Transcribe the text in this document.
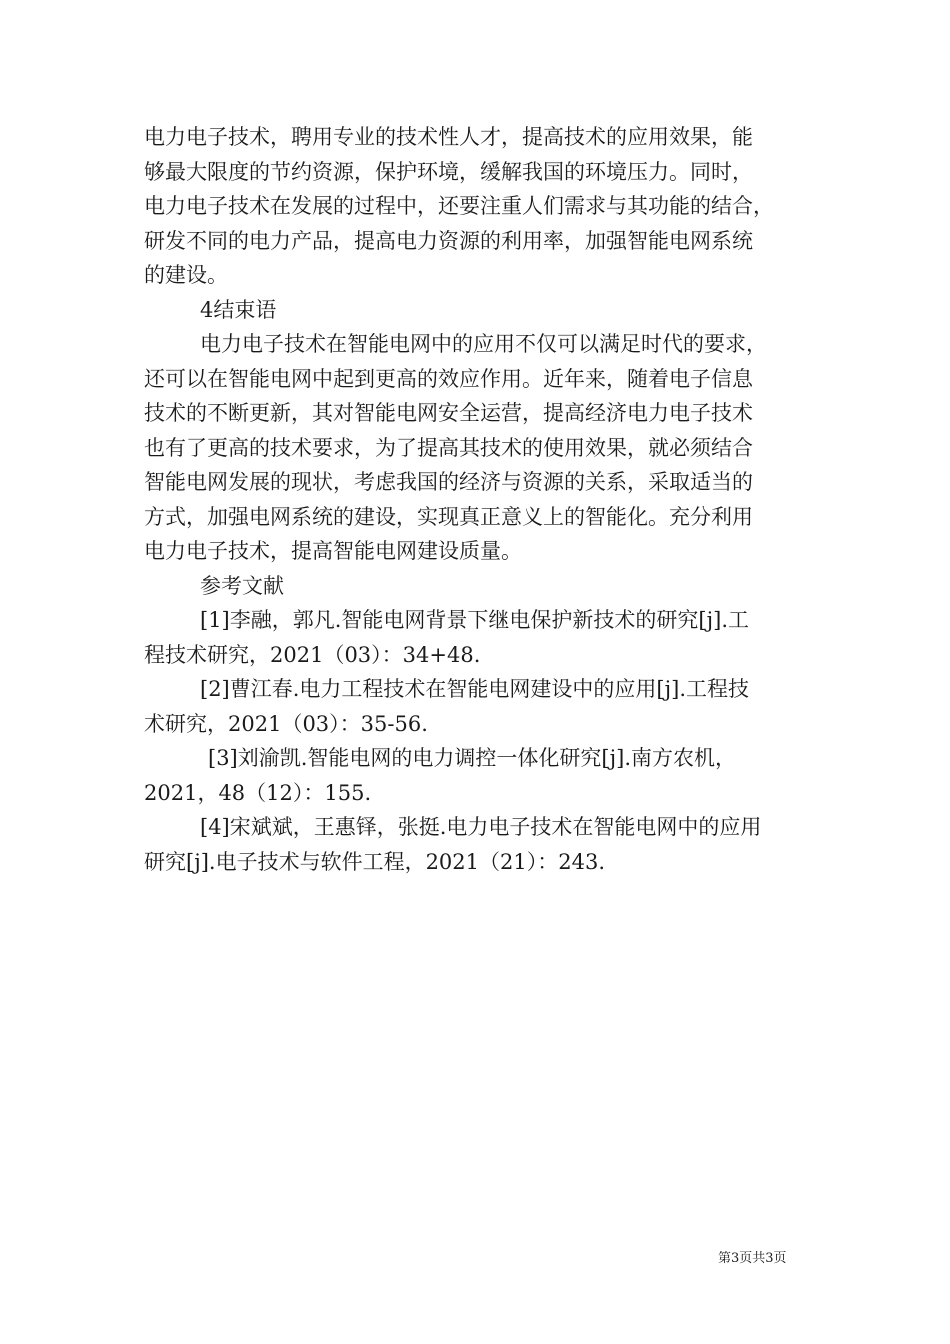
电力电子技术，聘用专业的技术性人才，提高技术的应用效果，能
够最大限度的节约资源，保护环境，缓解我国的环境压力。同时，
电力电子技术在发展的过程中，还要注重人们需求与其功能的结合，
研发不同的电力产品，提高电力资源的利用率，加强智能电网系统
的建设。
4结束语
电力电子技术在智能电网中的应用不仅可以满足时代的要求，
还可以在智能电网中起到更高的效应作用。近年来，随着电子信息
技术的不断更新，其对智能电网安全运营，提高经济电力电子技术
也有了更高的技术要求，为了提高其技术的使用效果，就必须结合
智能电网发展的现状，考虑我国的经济与资源的关系，采取适当的
方式，加强电网系统的建设，实现真正意义上的智能化。充分利用
电力电子技术，提高智能电网建设质量。
参考文献
[1]李融，郭凡.智能电网背景下继电保护新技术的研究[j].工
程技术研究，2021（03）：34+48.
[2]曹江春.电力工程技术在智能电网建设中的应用[j].工程技
术研究，2021（03）：35-56.
[3]刘渝凯.智能电网的电力调控一体化研究[j].南方农机，
2021，48（12）：155.
[4]宋斌斌，王惠铎，张挺.电力电子技术在智能电网中的应用
研究[j].电子技术与软件工程，2021（21）：243.
第3页共3页
